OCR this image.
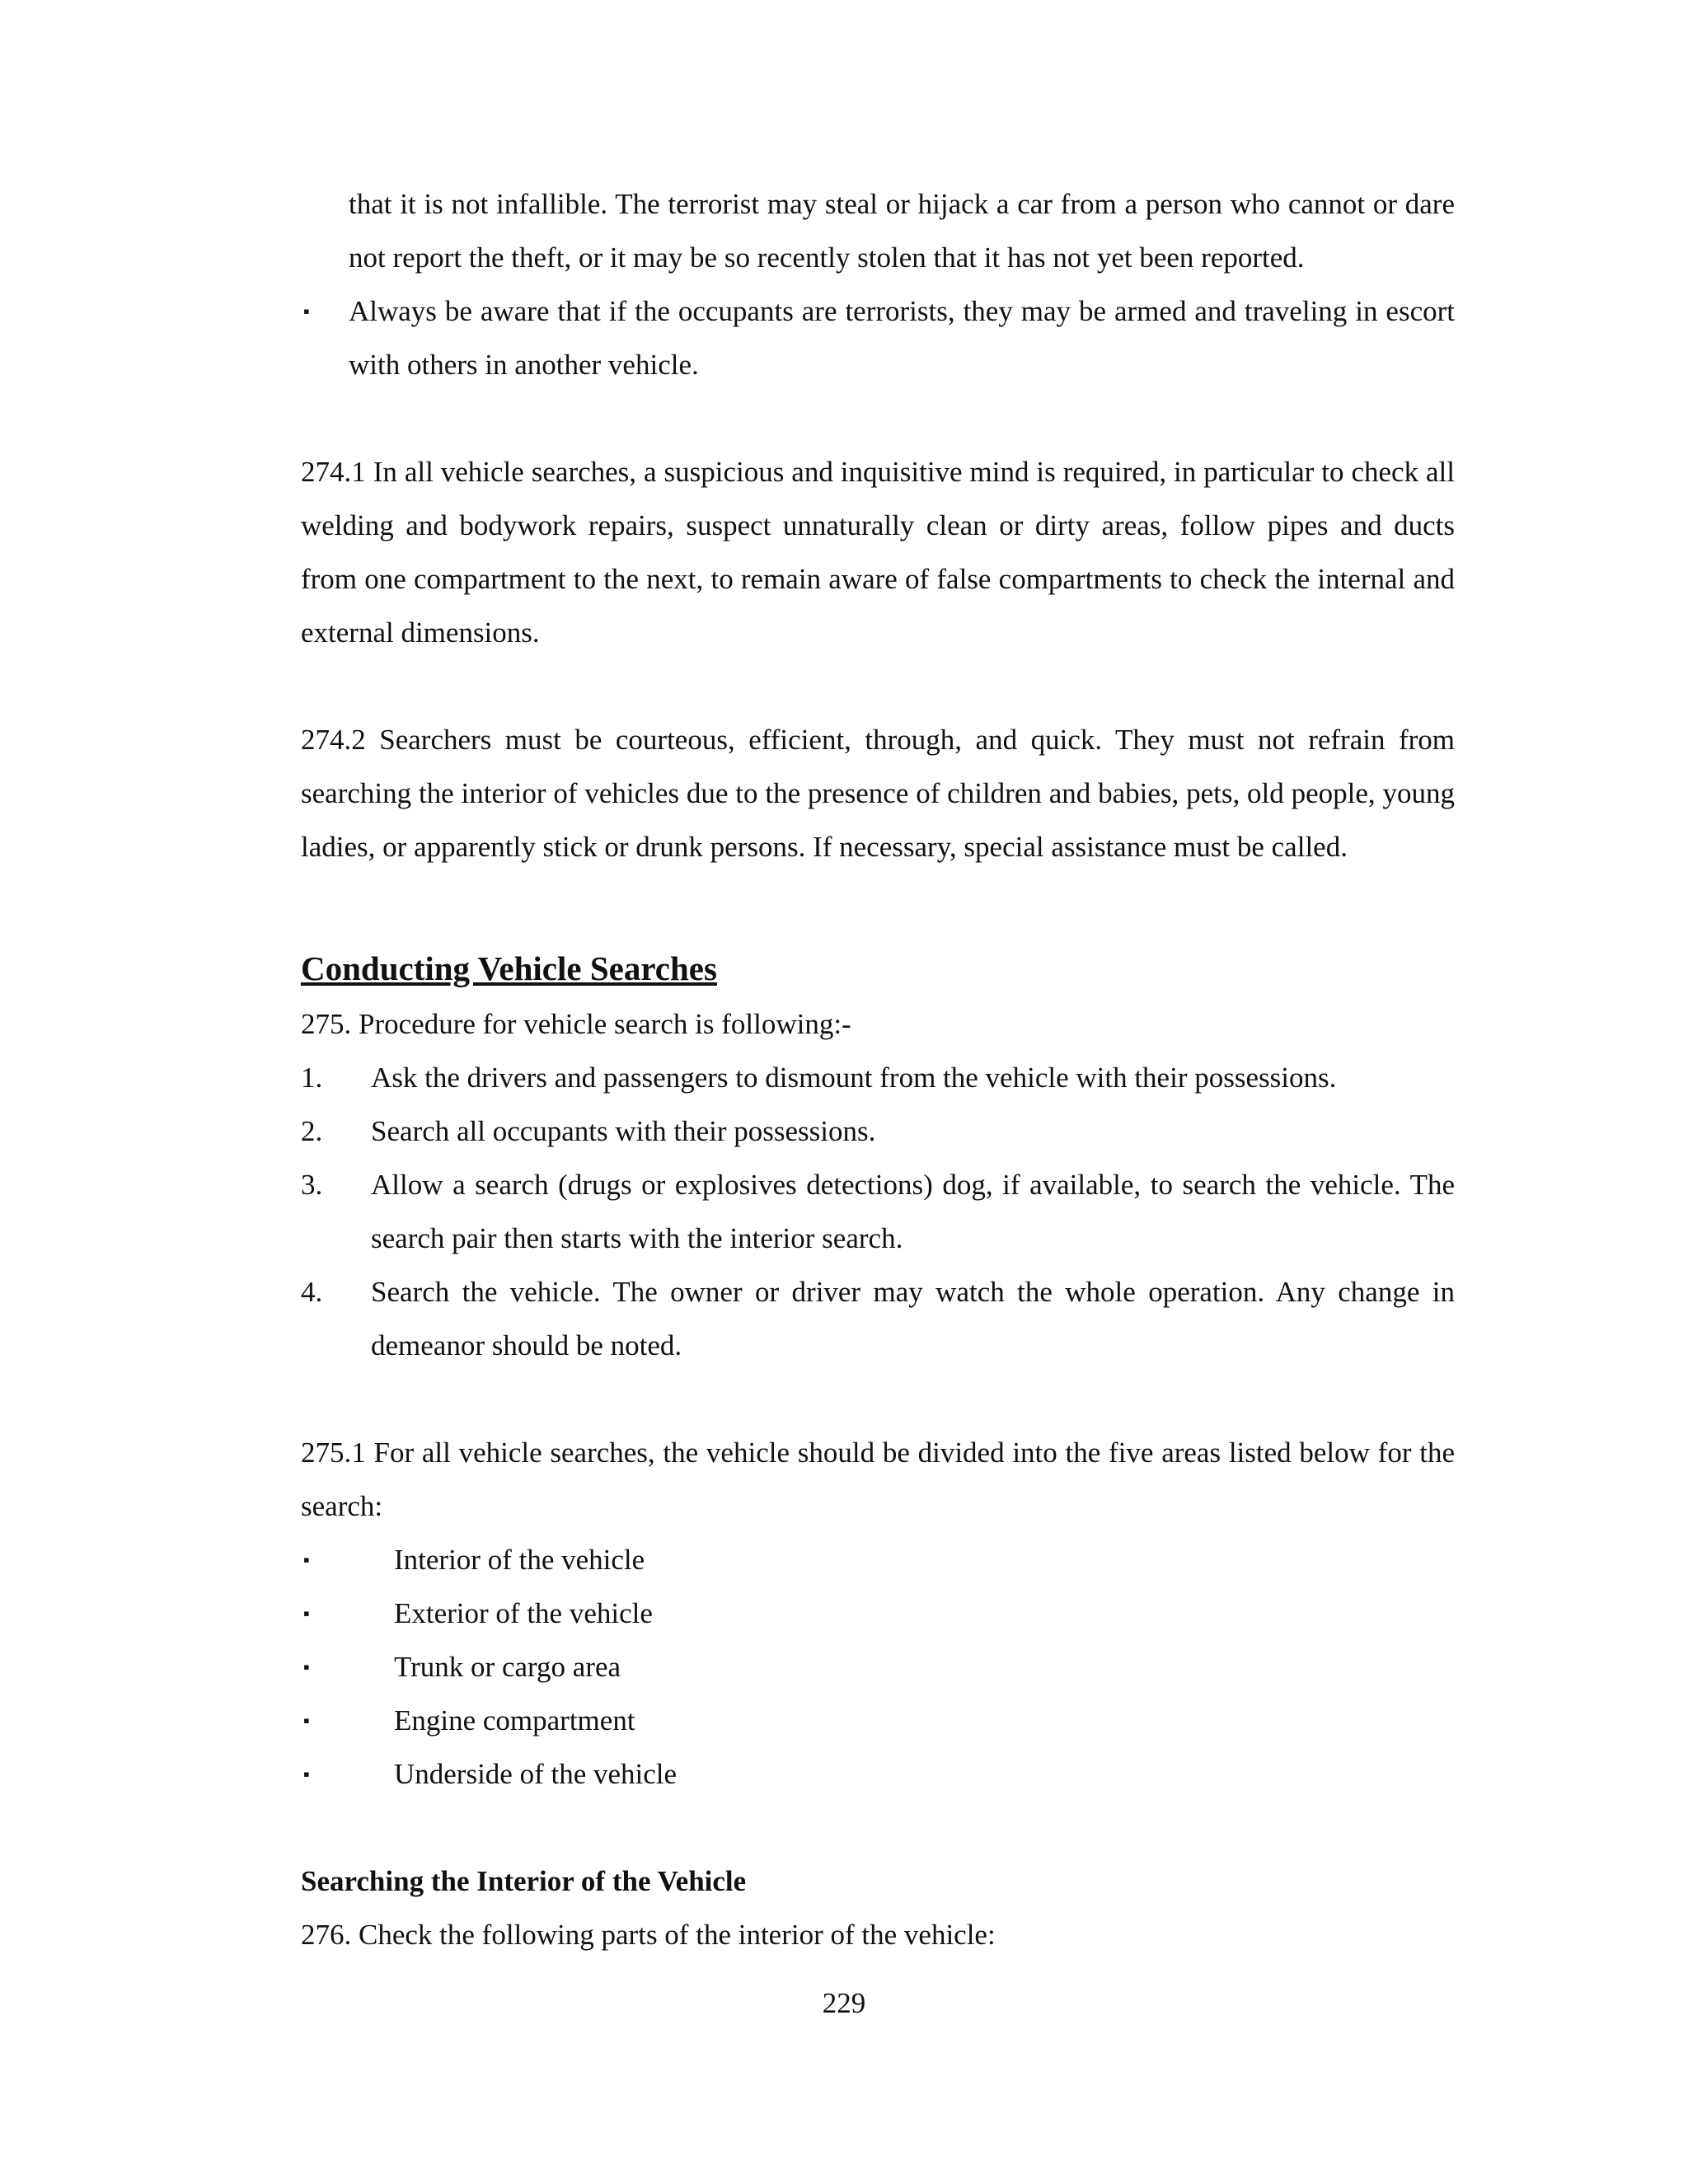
that it is not infallible. The terrorist may steal or hijack a car from a person who cannot or dare not report the theft, or it may be so recently stolen that it has not yet been reported.

▪ Always be aware that if the occupants are terrorists, they may be armed and traveling in escort with others in another vehicle.

274.1 In all vehicle searches, a suspicious and inquisitive mind is required, in particular to check all welding and bodywork repairs, suspect unnaturally clean or dirty areas, follow pipes and ducts from one compartment to the next, to remain aware of false compartments to check the internal and external dimensions.

274.2 Searchers must be courteous, efficient, through, and quick. They must not refrain from searching the interior of vehicles due to the presence of children and babies, pets, old people, young ladies, or apparently stick or drunk persons. If necessary, special assistance must be called.

Conducting Vehicle Searches

275. Procedure for vehicle search is following:-

1. Ask the drivers and passengers to dismount from the vehicle with their possessions.
2. Search all occupants with their possessions.
3. Allow a search (drugs or explosives detections) dog, if available, to search the vehicle. The search pair then starts with the interior search.
4. Search the vehicle. The owner or driver may watch the whole operation. Any change in demeanor should be noted.

275.1 For all vehicle searches, the vehicle should be divided into the five areas listed below for the search:

▪	Interior of the vehicle
▪	Exterior of the vehicle
▪	Trunk or cargo area
▪	Engine compartment
▪	Underside of the vehicle

Searching the Interior of the Vehicle

276. Check the following parts of the interior of the vehicle:

229
